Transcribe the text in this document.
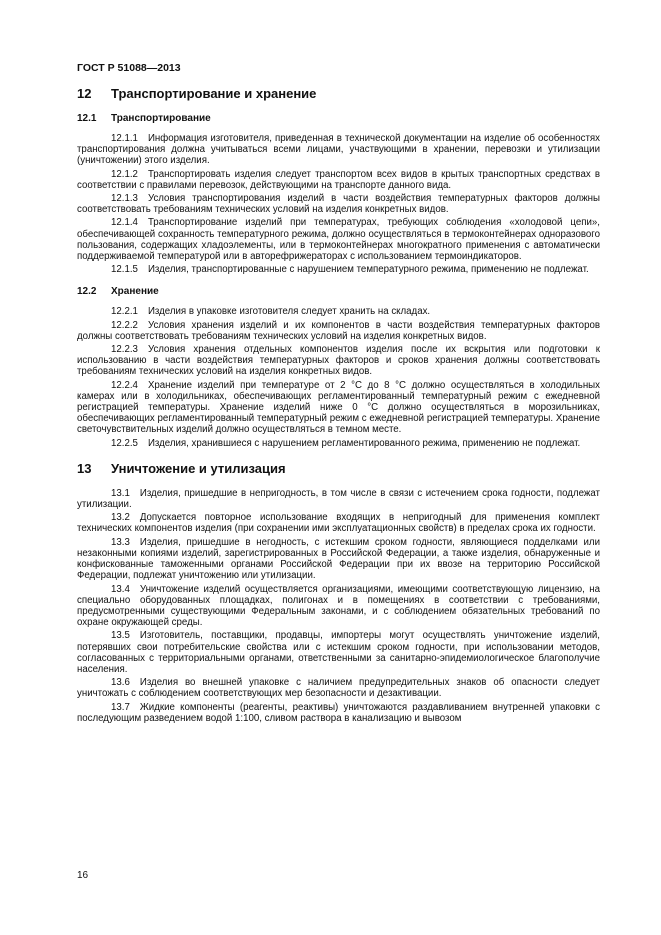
ГОСТ Р 51088—2013
12 Транспортирование и хранение
12.1 Транспортирование

12.1.1 Информация изготовителя, приведенная в технической документации на изделие об особенностях транспортирования должна учитываться всеми лицами, участвующими в хранении, перевозки и утилизации (уничтожении) этого изделия.

12.1.2 Транспортировать изделия следует транспортом всех видов в крытых транспортных средствах в соответствии с правилами перевозок, действующими на транспорте данного вида.

12.1.3 Условия транспортирования изделий в части воздействия температурных факторов должны соответствовать требованиям технических условий на изделия конкретных видов.

12.1.4 Транспортирование изделий при температурах, требующих соблюдения «холодовой цепи», обеспечивающей сохранность температурного режима, должно осуществляться в термоконтейнерах одноразового пользования, содержащих хладоэлементы, или в термоконтейнерах многократного применения с автоматически поддерживаемой температурой или в авторефрижераторах с использованием термоиндикаторов.

12.1.5 Изделия, транспортированные с нарушением температурного режима, применению не подлежат.

12.2 Хранение

12.2.1 Изделия в упаковке изготовителя следует хранить на складах.

12.2.2 Условия хранения изделий и их компонентов в части воздействия температурных факторов должны соответствовать требованиям технических условий на изделия конкретных видов.

12.2.3 Условия хранения отдельных компонентов изделия после их вскрытия или подготовки к использованию в части воздействия температурных факторов и сроков хранения должны соответствовать требованиям технических условий на изделия конкретных видов.

12.2.4 Хранение изделий при температуре от 2 °С до 8 °С должно осуществляться в холодильных камерах или в холодильниках, обеспечивающих регламентированный температурный режим с ежедневной регистрацией температуры. Хранение изделий ниже 0 °С должно осуществляться в морозильниках, обеспечивающих регламентированный температурный режим с ежедневной регистрацией температуры. Хранение светочувствительных изделий должно осуществляться в темном месте.

12.2.5 Изделия, хранившиеся с нарушением регламентированного режима, применению не подлежат.

13 Уничтожение и утилизация

13.1 Изделия, пришедшие в непригодность, в том числе в связи с истечением срока годности, подлежат утилизации.

13.2 Допускается повторное использование входящих в непригодный для применения комплект технических компонентов изделия (при сохранении ими эксплуатационных свойств) в пределах срока их годности.

13.3 Изделия, пришедшие в негодность, с истекшим сроком годности, являющиеся подделками или незаконными копиями изделий, зарегистрированных в Российской Федерации, а также изделия, обнаруженные и конфискованные таможенными органами Российской Федерации при их ввозе на территорию Российской Федерации, подлежат уничтожению или утилизации.

13.4 Уничтожение изделий осуществляется организациями, имеющими соответствующую лицензию, на специально оборудованных площадках, полигонах и в помещениях в соответствии с требованиями, предусмотренными существующими Федеральным законами, и с соблюдением обязательных требований по охране окружающей среды.

13.5 Изготовитель, поставщики, продавцы, импортеры могут осуществлять уничтожение изделий, потерявших свои потребительские свойства или с истекшим сроком годности, при использовании методов, согласованных с территориальными органами, ответственными за санитарно-эпидемиологическое благополучие населения.

13.6 Изделия во внешней упаковке с наличием предупредительных знаков об опасности следует уничтожать с соблюдением соответствующих мер безопасности и дезактивации.

13.7 Жидкие компоненты (реагенты, реактивы) уничтожаются раздавливанием внутренней упаковки с последующим разведением водой 1:100, сливом раствора в канализацию и вывозом

16
